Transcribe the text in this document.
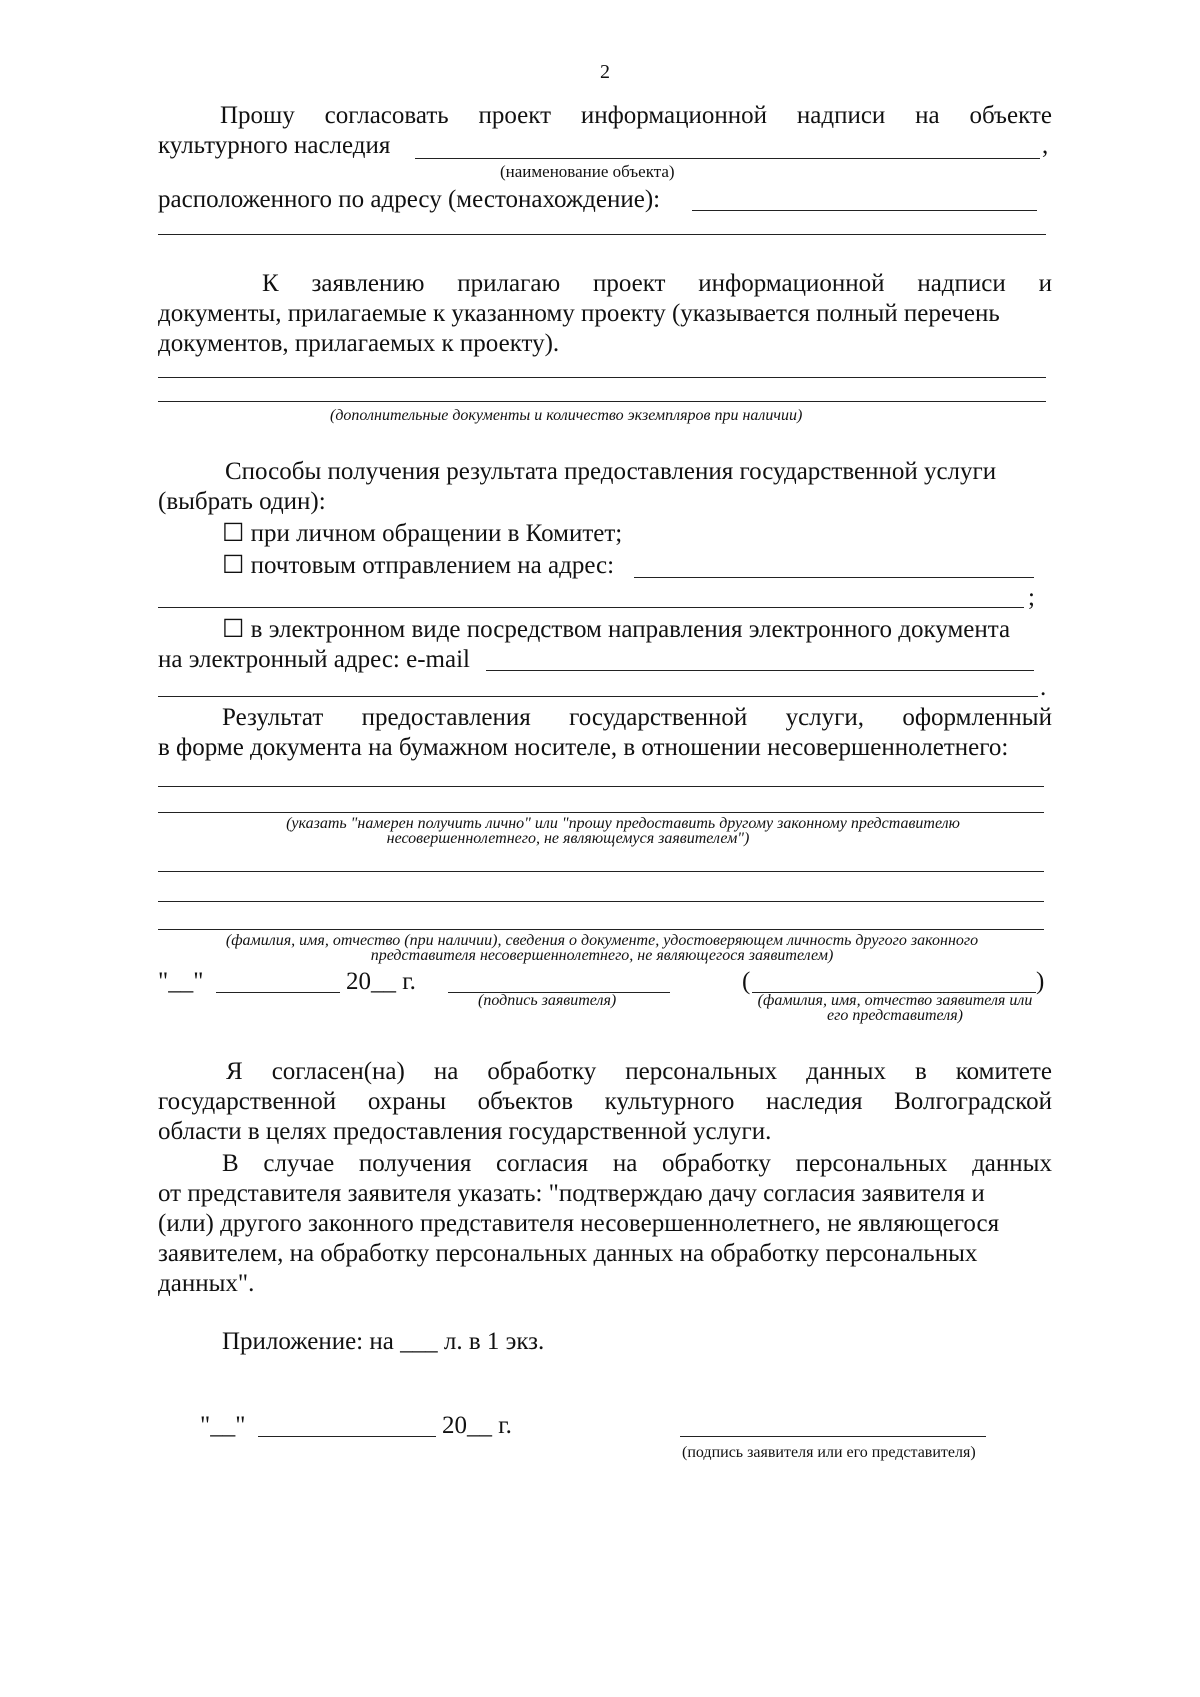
2
Прошу согласовать проект информационной надписи на объекте
культурного наследия	,
(наименование объекта)
расположенного по адресу (местонахождение):
К заявлению прилагаю проект информационной надписи и
документы, прилагаемые к указанному проекту (указывается полный перечень
документов, прилагаемых к проекту).
(дополнительные документы и количество экземпляров при наличии)
Способы получения результата предоставления государственной услуги
(выбрать один):
☐ при личном обращении в Комитет;
☐ почтовым отправлением на адрес:
;
☐ в электронном виде посредством направления электронного документа
на электронный адрес: e-mail
.
Результат предоставления государственной услуги, оформленный
в форме документа на бумажном носителе, в отношении несовершеннолетнего:
(указать "намерен получить лично" или "прошу предоставить другому законному представителю
несовершеннолетнего, не являющемуся заявителем")
(фамилия, имя, отчество (при наличии), сведения о документе, удостоверяющем личность другого законного
представителя несовершеннолетнего, не являющегося заявителем)
"__"	20__ г.
(подпись заявителя)
(	)
(фамилия, имя, отчество заявителя или
его представителя)
Я согласен(на) на обработку персональных данных в комитете
государственной охраны объектов культурного наследия Волгоградской
области в целях предоставления государственной услуги.
В случае получения согласия на обработку персональных данных
от представителя заявителя указать: "подтверждаю дачу согласия заявителя и
(или) другого законного представителя несовершеннолетнего, не являющегося
заявителем, на обработку персональных данных на обработку персональных
данных".
Приложение: на ___ л. в 1 экз.
"__"	20__ г.
(подпись заявителя или его представителя)
